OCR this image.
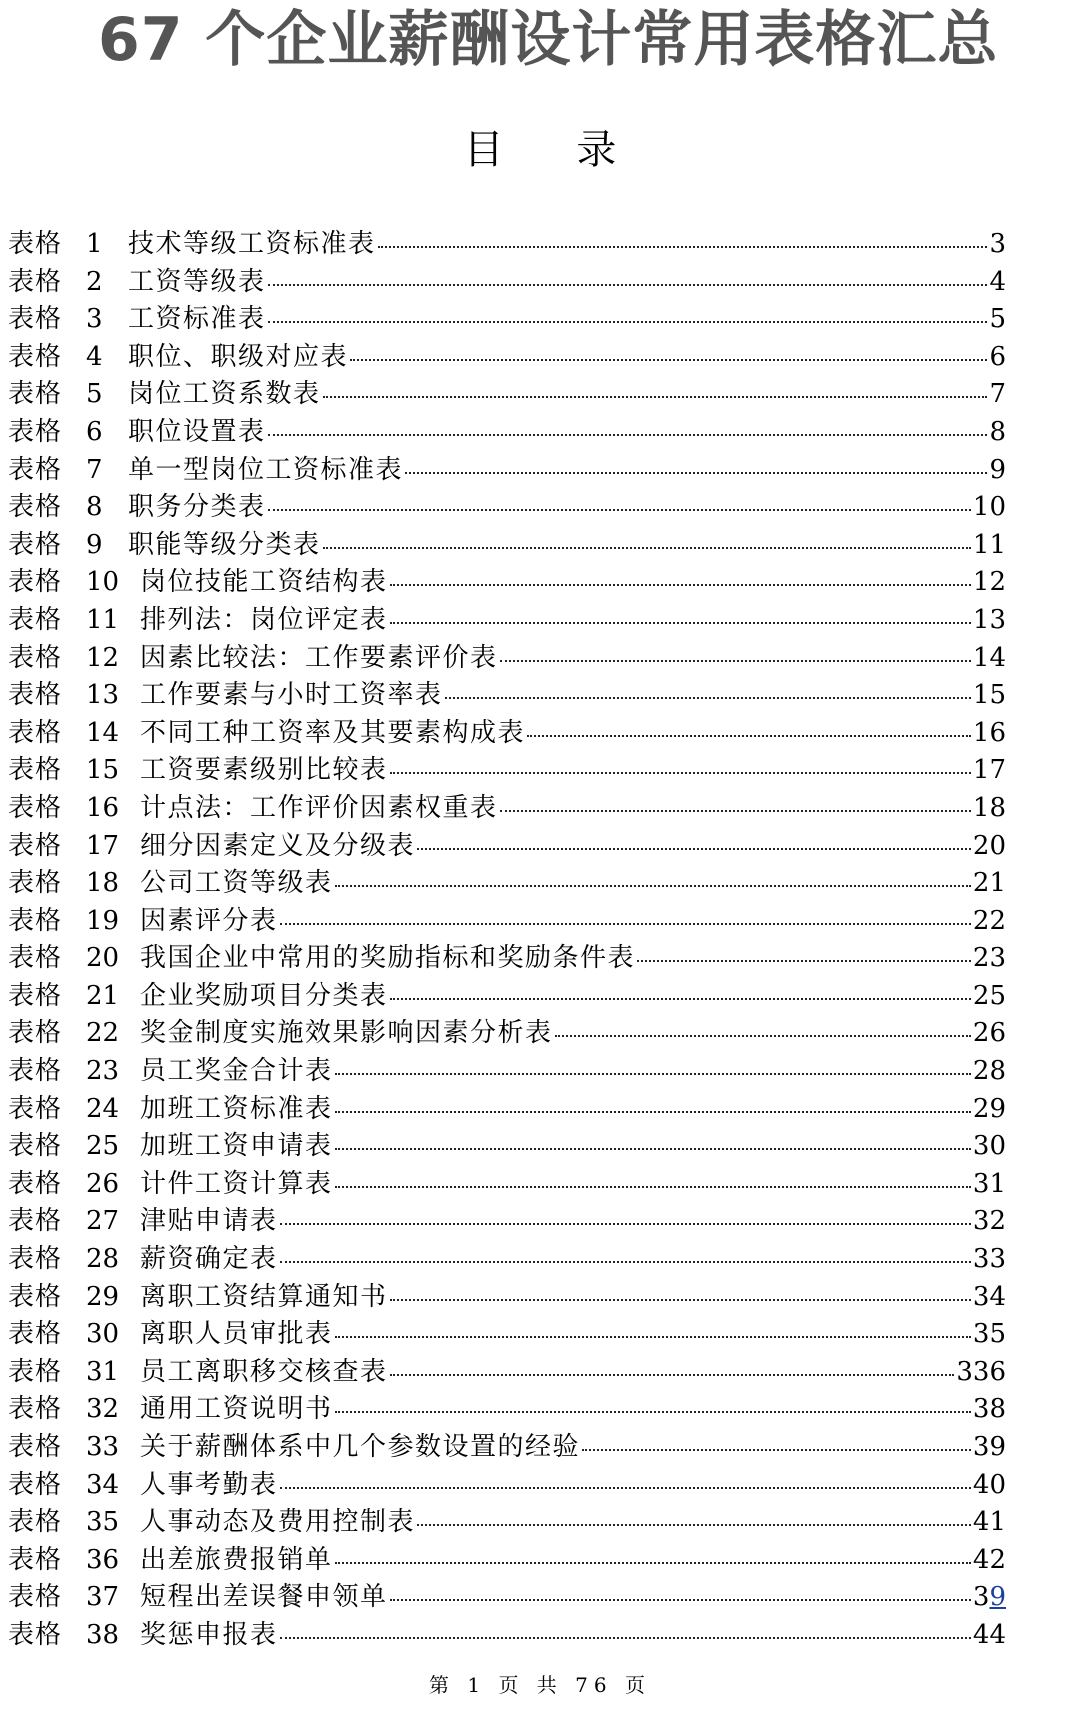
67 个企业薪酬设计常用表格汇总
目 录
表格 1 技术等级工资标准表	3
表格 2 工资等级表	4
表格 3 工资标准表	5
表格 4 职位、职级对应表	6
表格 5 岗位工资系数表	7
表格 6 职位设置表	8
表格 7 单一型岗位工资标准表	9
表格 8 职务分类表	10
表格 9 职能等级分类表	11
表格 10 岗位技能工资结构表	12
表格 11 排列法：岗位评定表	13
表格 12 因素比较法：工作要素评价表	14
表格 13 工作要素与小时工资率表	15
表格 14 不同工种工资率及其要素构成表	16
表格 15 工资要素级别比较表	17
表格 16 计点法：工作评价因素权重表	18
表格 17 细分因素定义及分级表	20
表格 18 公司工资等级表	21
表格 19 因素评分表	22
表格 20 我国企业中常用的奖励指标和奖励条件表	23
表格 21 企业奖励项目分类表	25
表格 22 奖金制度实施效果影响因素分析表	26
表格 23 员工奖金合计表	28
表格 24 加班工资标准表	29
表格 25 加班工资申请表	30
表格 26 计件工资计算表	31
表格 27 津贴申请表	32
表格 28 薪资确定表	33
表格 29 离职工资结算通知书	34
表格 30 离职人员审批表	35
表格 31 员工离职移交核查表	336
表格 32 通用工资说明书	38
表格 33 关于薪酬体系中几个参数设置的经验	39
表格 34 人事考勤表	40
表格 35 人事动态及费用控制表	41
表格 36 出差旅费报销单	42
表格 37 短程出差误餐申领单	39
表格 38 奖惩申报表	44
第 1 页 共 76 页
